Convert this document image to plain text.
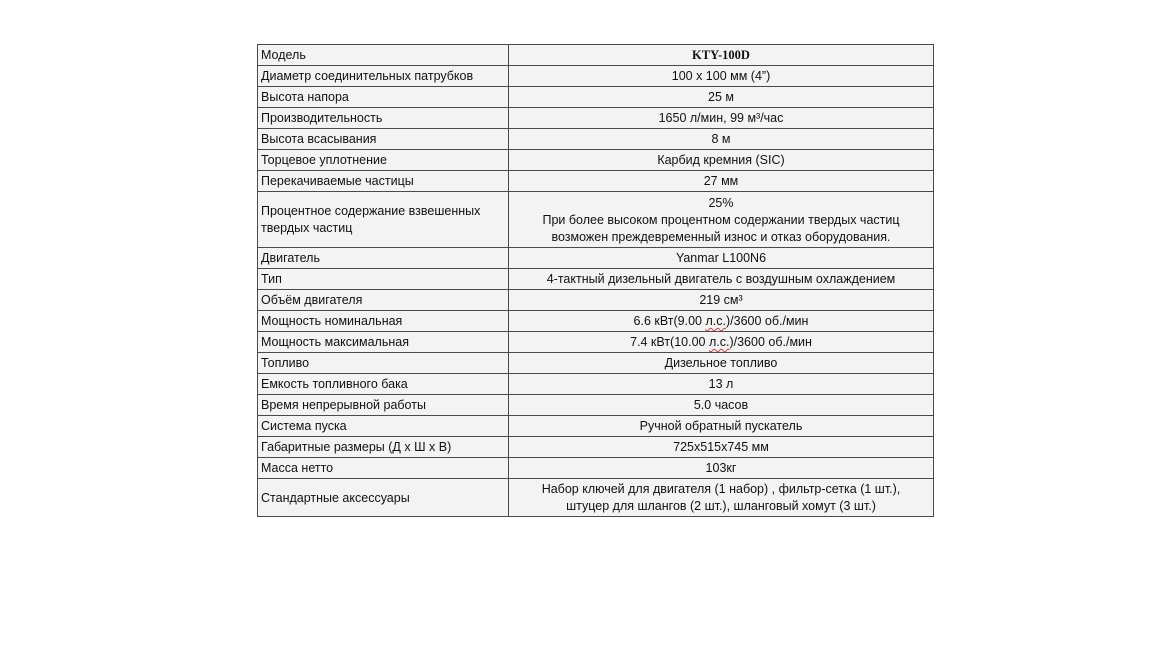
Модель	KTY-100D
Диаметр соединительных патрубков	100 x 100 мм (4”)
Высота напора	25 м
Производительность	1650 л/мин, 99 м³/час
Высота всасывания	8 м
Торцевое уплотнение	Карбид кремния (SIC)
Перекачиваемые частицы	27 мм
Процентное содержание взвешенных твердых частиц	25%
При более высоком процентном содержании твердых частиц
возможен преждевременный износ и отказ оборудования.

Двигатель	Yanmar L100N6
Тип	4-тактный дизельный двигатель с воздушным охлаждением
Объём двигателя	219 см³
Мощность номинальная	6.6 кВт(9.00 л.с.)/3600 об./мин
Мощность максимальная	7.4 кВт(10.00 л.с.)/3600 об./мин
Топливо	Дизельное топливо
Емкость топливного бака	13 л
Время непрерывной работы	5.0 часов
Система пуска	Ручной обратный пускатель
Габаритные размеры (Д х Ш х В)	725х515х745 мм
Масса нетто	103кг
Стандартные аксессуары	Набор ключей для двигателя (1 набор) , фильтр-сетка (1 шт.),
штуцер для шлангов (2 шт.), шланговый хомут (3 шт.)
